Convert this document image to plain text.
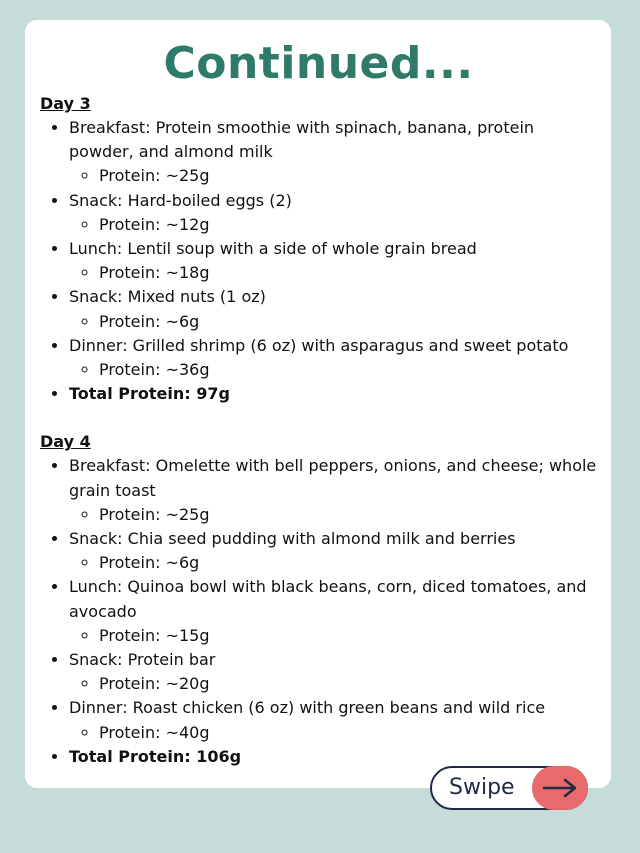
Continued...
Day 3
• Breakfast: Protein smoothie with spinach, banana, protein powder, and almond milk
◦ Protein: ~25g
• Snack: Hard-boiled eggs (2)
◦ Protein: ~12g
• Lunch: Lentil soup with a side of whole grain bread
◦ Protein: ~18g
• Snack: Mixed nuts (1 oz)
◦ Protein: ~6g
• Dinner: Grilled shrimp (6 oz) with asparagus and sweet potato
◦ Protein: ~36g
• Total Protein: 97g
Day 4
• Breakfast: Omelette with bell peppers, onions, and cheese; whole grain toast
◦ Protein: ~25g
• Snack: Chia seed pudding with almond milk and berries
◦ Protein: ~6g
• Lunch: Quinoa bowl with black beans, corn, diced tomatoes, and avocado
◦ Protein: ~15g
• Snack: Protein bar
◦ Protein: ~20g
• Dinner: Roast chicken (6 oz) with green beans and wild rice
◦ Protein: ~40g
• Total Protein: 106g
Swipe
